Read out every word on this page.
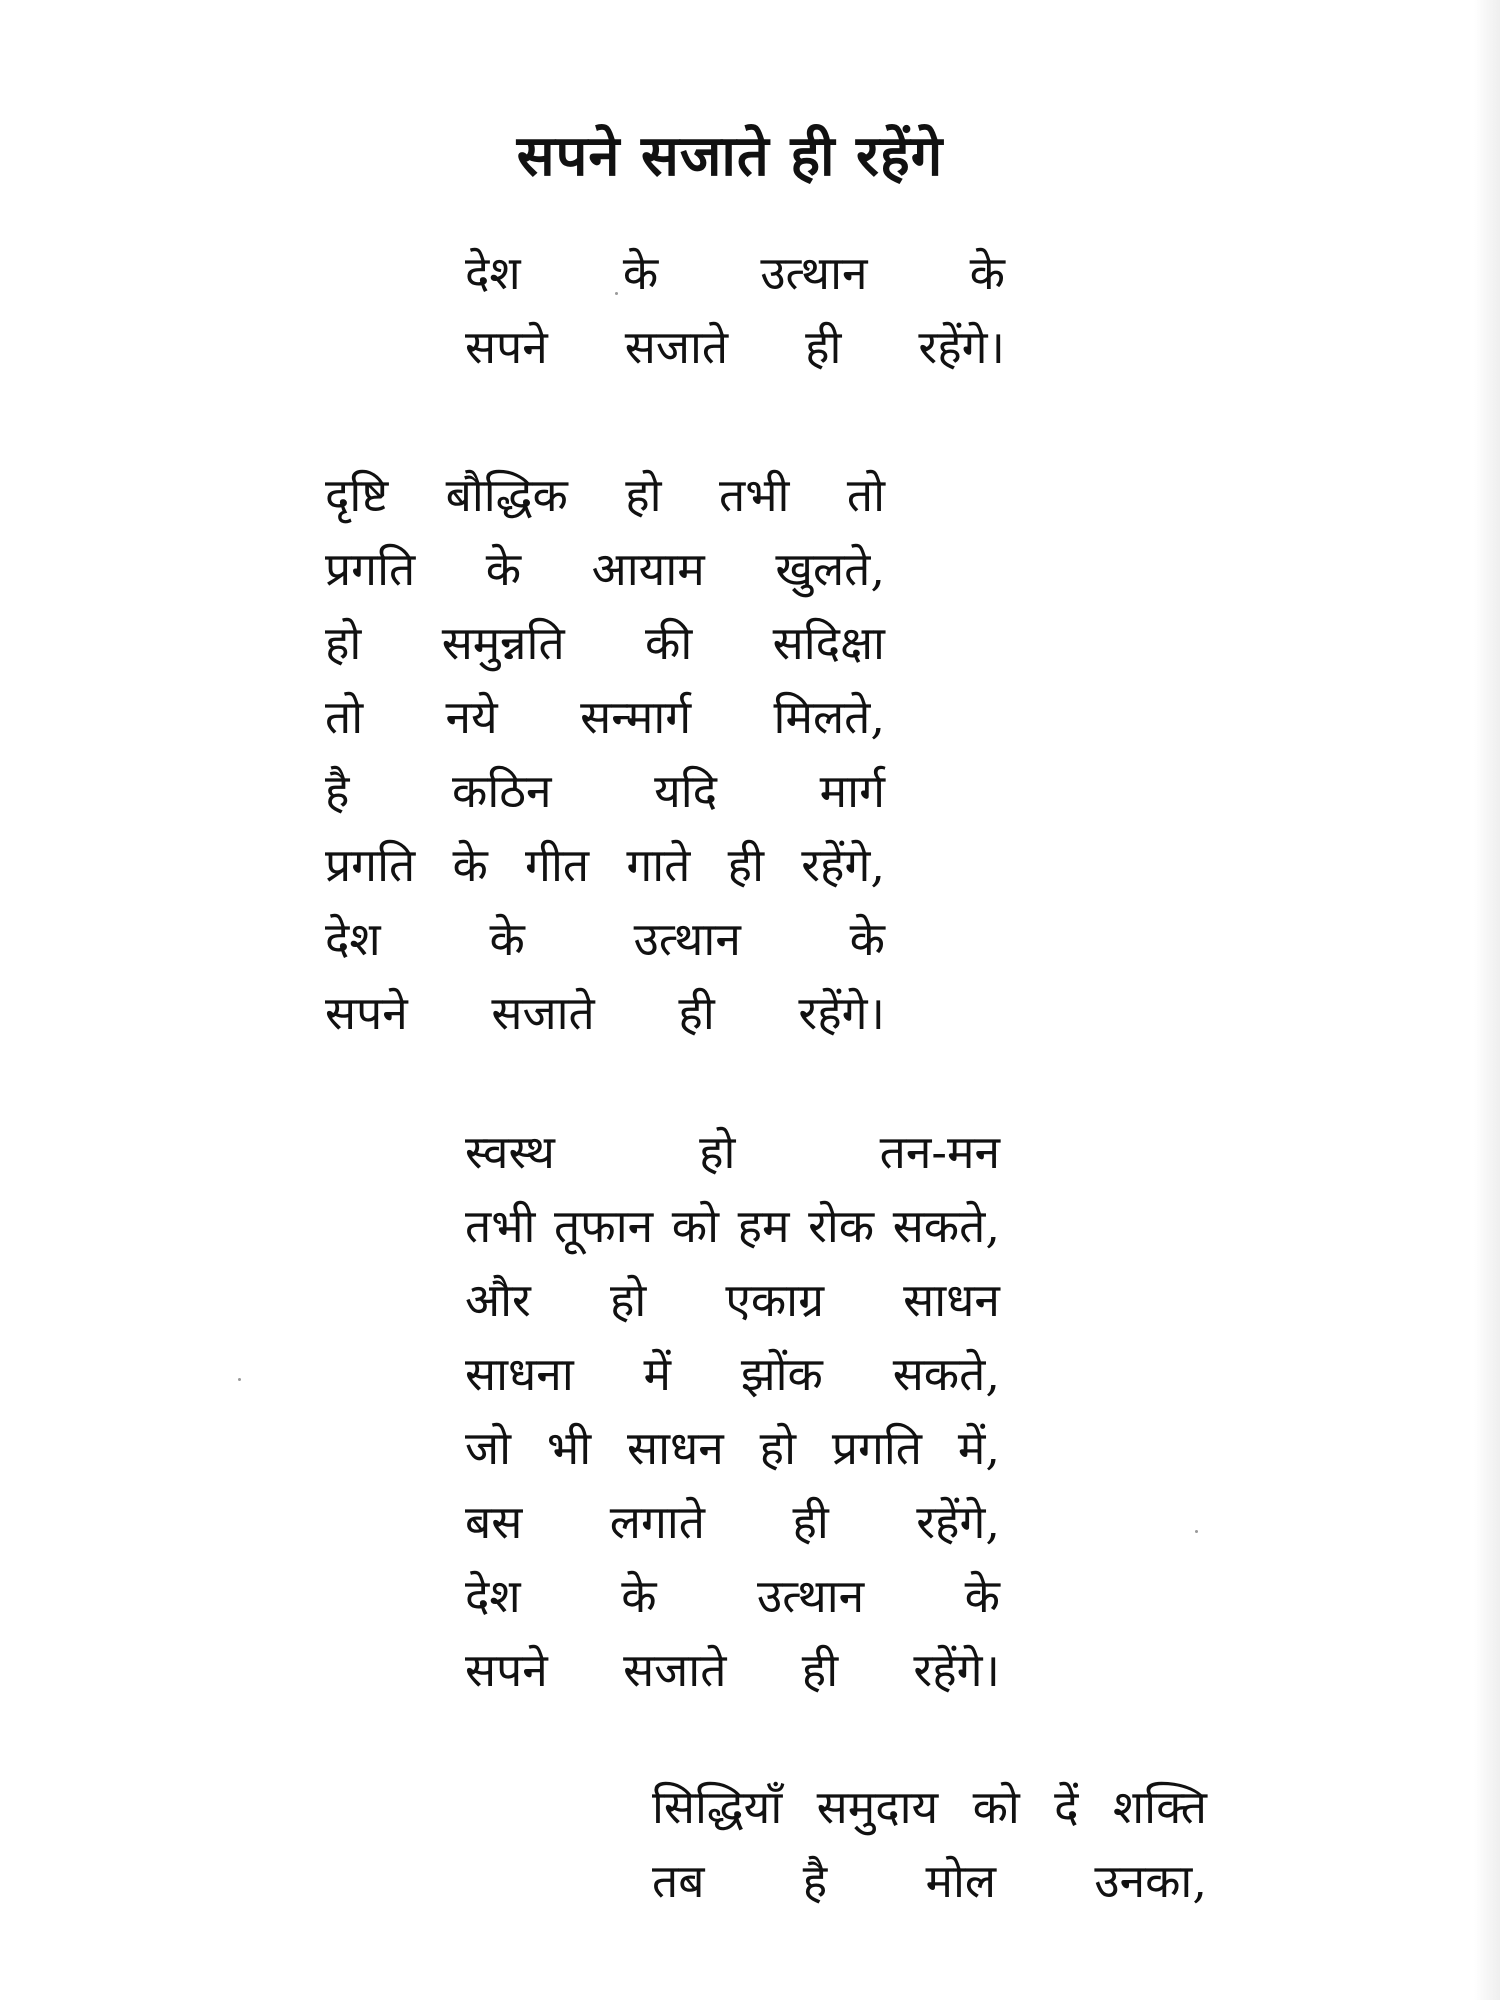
सपने सजाते ही रहेंगे
देश के उत्थान के
सपने सजाते ही रहेंगे।
दृष्टि बौद्धिक हो तभी तो
प्रगति के आयाम खुलते,
हो समुन्नति की सदिक्षा
तो नये सन्मार्ग मिलते,
है कठिन यदि मार्ग
प्रगति के गीत गाते ही रहेंगे,
देश के उत्थान के
सपने सजाते ही रहेंगे।
स्वस्थ	हो	तन-मन
तभी तूफान को हम रोक सकते,
और हो एकाग्र साधन
साधना में झोंक सकते,
जो भी साधन हो प्रगति में,
बस लगाते ही रहेंगे,
देश के उत्थान के
सपने सजाते ही रहेंगे।
सिद्धियाँ समुदाय को दें शक्ति
तब है मोल उनका,
